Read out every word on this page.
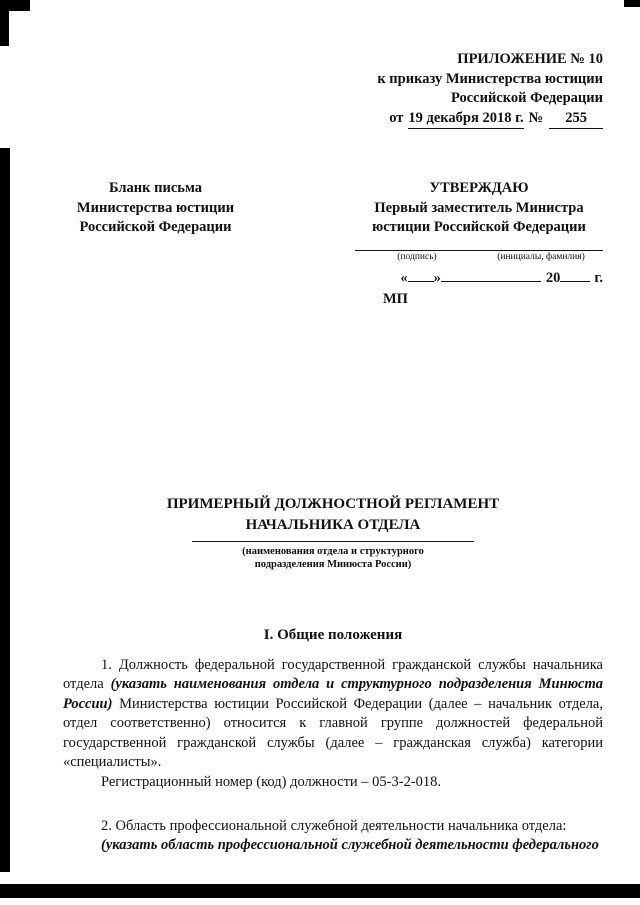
ПРИЛОЖЕНИЕ № 10
к приказу Министерства юстиции
Российской Федерации
от 19 декабря 2018 г. № 255
Бланк письма
Министерства юстиции
Российской Федерации
УТВЕРЖДАЮ
Первый заместитель Министра
юстиции Российской Федерации
(подпись)	(инициалы, фамилия)
« »	20 г.
МП
ПРИМЕРНЫЙ ДОЛЖНОСТНОЙ РЕГЛАМЕНТ
НАЧАЛЬНИКА ОТДЕЛА
(наименования отдела и структурного
подразделения Минюста России)
I. Общие положения

1. Должность федеральной государственной гражданской службы начальника отдела (указать наименования отдела и структурного подразделения Минюста России) Министерства юстиции Российской Федерации (далее – начальник отдела, отдел соответственно) относится к главной группе должностей федеральной государственной гражданской службы (далее – гражданская служба) категории «специалисты».

Регистрационный номер (код) должности – 05-3-2-018.

2. Область профессиональной служебной деятельности начальника отдела:

(указать область профессиональной служебной деятельности федерального
